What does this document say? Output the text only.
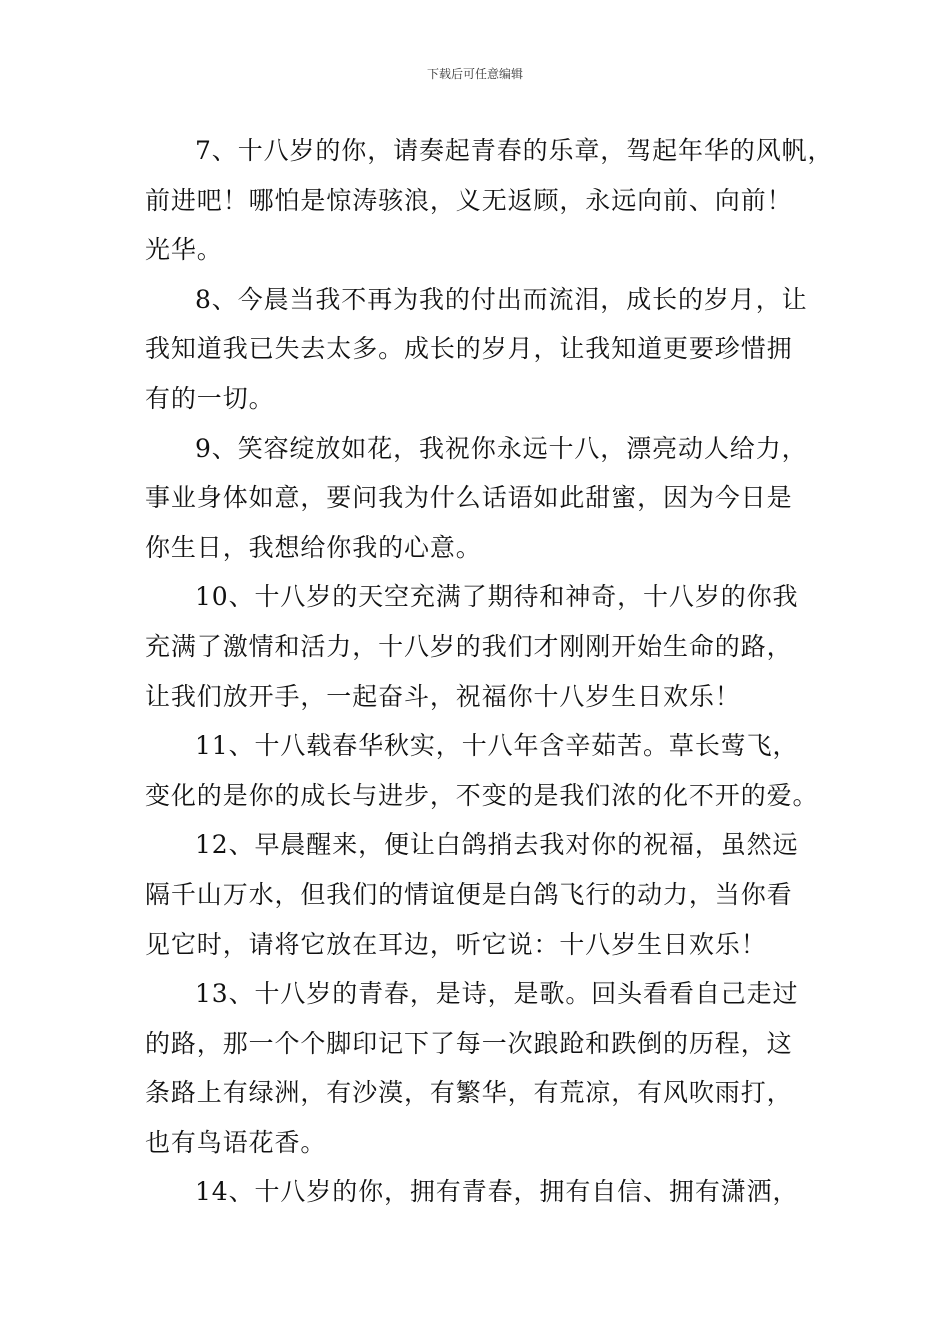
下载后可任意编辑
7、十八岁的你，请奏起青春的乐章，驾起年华的风帆，
前进吧！哪怕是惊涛骇浪，义无返顾，永远向前、向前！
光华。
8、今晨当我不再为我的付出而流泪，成长的岁月，让
我知道我已失去太多。成长的岁月，让我知道更要珍惜拥
有的一切。
9、笑容绽放如花，我祝你永远十八，漂亮动人给力，
事业身体如意，要问我为什么话语如此甜蜜，因为今日是
你生日，我想给你我的心意。
10、十八岁的天空充满了期待和神奇，十八岁的你我
充满了激情和活力，十八岁的我们才刚刚开始生命的路，
让我们放开手，一起奋斗，祝福你十八岁生日欢乐！
11、十八载春华秋实，十八年含辛茹苦。草长莺飞，
变化的是你的成长与进步，不变的是我们浓的化不开的爱。
12、早晨醒来，便让白鸽捎去我对你的祝福，虽然远
隔千山万水，但我们的情谊便是白鸽飞行的动力，当你看
见它时，请将它放在耳边，听它说：十八岁生日欢乐！
13、十八岁的青春，是诗，是歌。回头看看自己走过
的路，那一个个脚印记下了每一次踉跄和跌倒的历程，这
条路上有绿洲，有沙漠，有繁华，有荒凉，有风吹雨打，
也有鸟语花香。
14、十八岁的你，拥有青春，拥有自信、拥有潇洒，
